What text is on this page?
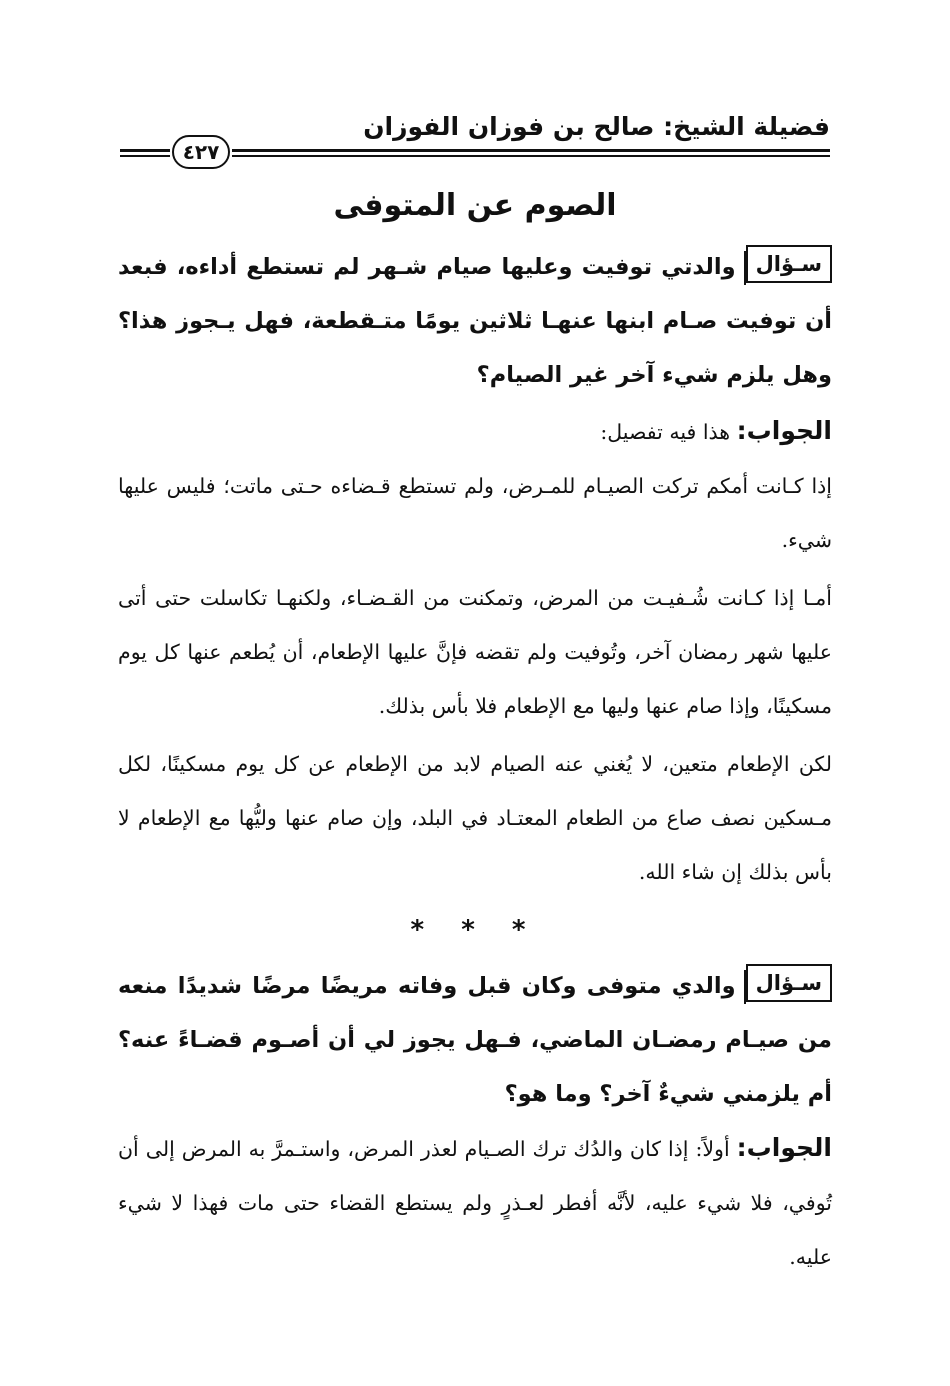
فضيلة الشيخ: صالح بن فوزان الفوزان
٤٢٧
الصوم عن المتوفى

سـؤالوالدتي توفيت وعليها صيام شـهر لم تستطع أداءه، فبعد أن توفيت صـام ابنها عنهـا ثلاثين يومًا متـقطعة، فهل يـجوز هذا؟ وهل يلزم شيء آخر غير الصيام؟

الجواب: هذا فيه تفصيل:

إذا كـانت أمكم تركت الصيـام للمـرض، ولم تستطع قـضاءه حـتى ماتت؛ فليس عليها شيء.

أمـا إذا كـانت شُـفيـت من المرض، وتمكنت من القـضـاء، ولكنهـا تكاسلت حتى أتى عليها شهر رمضان آخر، وتُوفيت ولم تقضه فإنَّ عليها الإطعام، أن يُطعم عنها كل يوم مسكينًا، وإذا صام عنها وليها مع الإطعام فلا بأس بذلك.

لكن الإطعام متعين، لا يُغني عنه الصيام لابد من الإطعام عن كل يوم مسكينًا، لكل مـسكين نصف صاع من الطعام المعتـاد في البلد، وإن صام عنها وليُّها مع الإطعام لا بأس بذلك إن شاء الله.

* * *

سـؤالوالدي متوفى وكان قبل وفاته مريضًا مرضًا شديدًا منعه من صيـام رمضـان الماضي، فـهل يجوز لي أن أصـوم قضـاءً عنه؟ أم يلزمني شيءٌ آخر؟ وما هو؟

الجواب: أولاً: إذا كان والدُك ترك الصـيام لعذر المرض، واستـمرَّ به المرض إلى أن تُوفي، فلا شيء عليه، لأنَّه أفطر لعـذرٍ ولم يستطع القضاء حتى مات فهذا لا شيء عليه.
